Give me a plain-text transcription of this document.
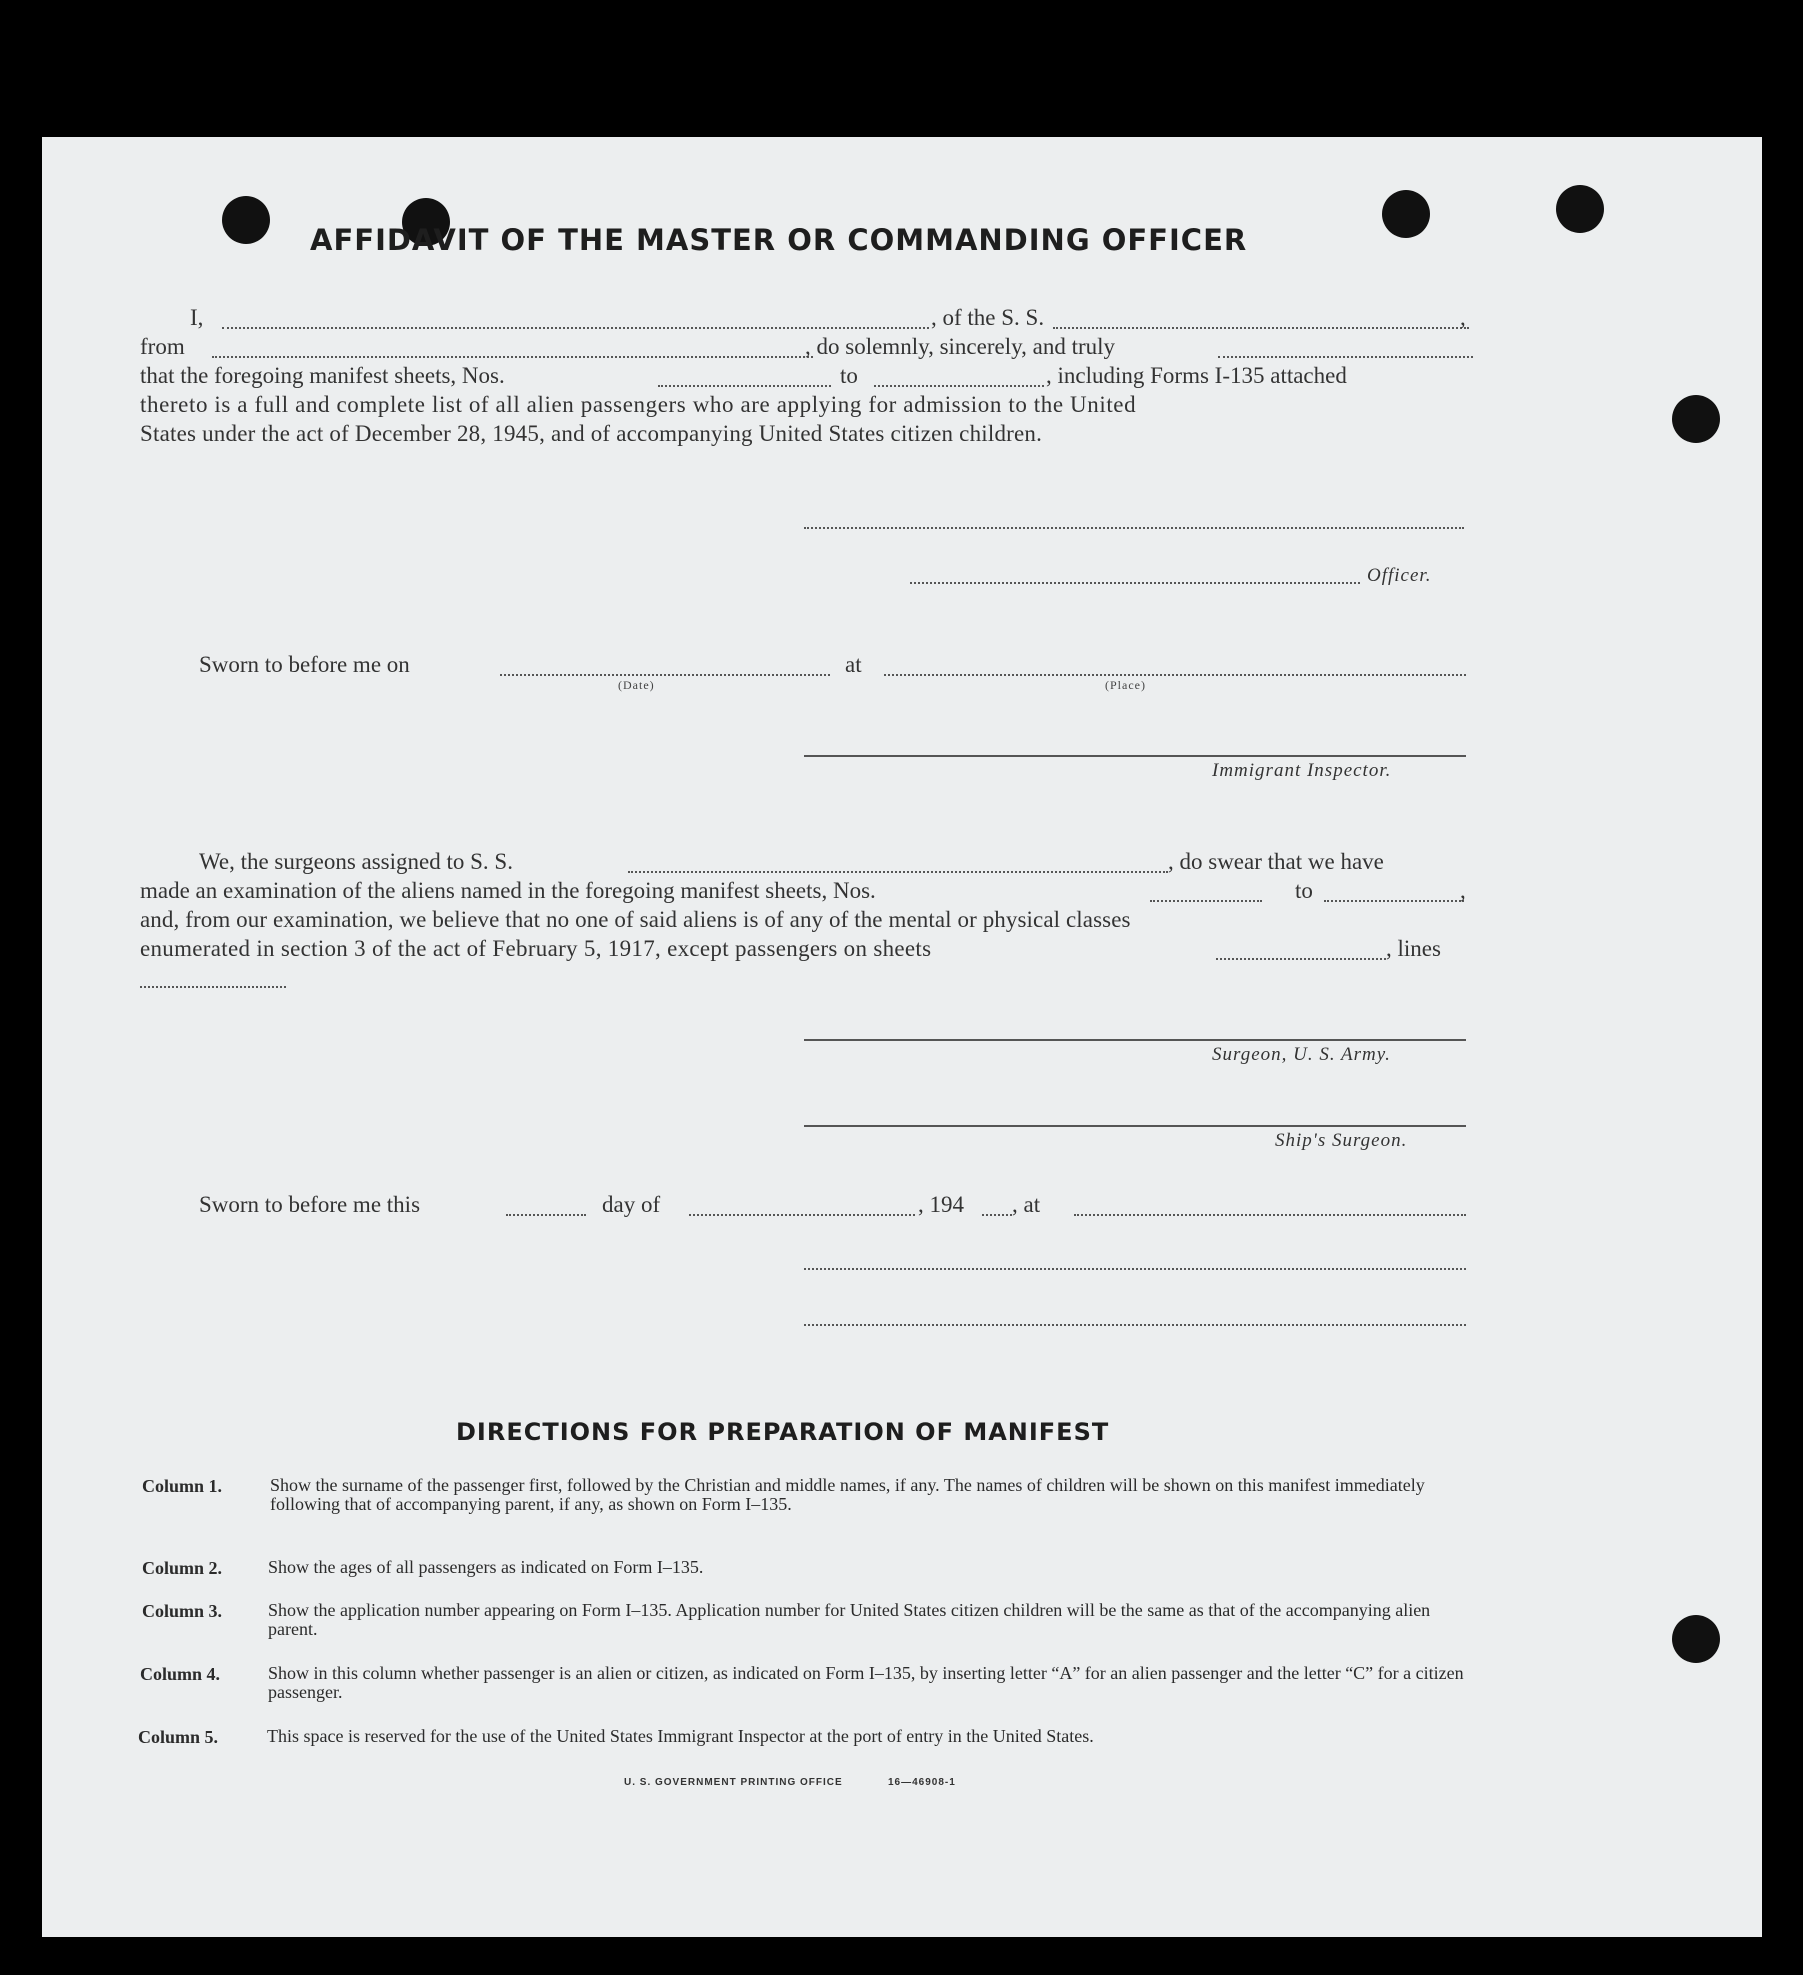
AFFIDAVIT OF THE MASTER OR COMMANDING OFFICER
I,	, of the S. S.	,
from	, do solemnly, sincerely, and truly
that the foregoing manifest sheets, Nos.	to	, including Forms I-135 attached
thereto is a full and complete list of all alien passengers who are applying for admission to the United
States under the act of December 28, 1945, and of accompanying United States citizen children.
Officer.
Sworn to before me on	at
(Date)	(Place)
Immigrant Inspector.
We, the surgeons assigned to S. S.	, do swear that we have
made an examination of the aliens named in the foregoing manifest sheets, Nos.	to	,
and, from our examination, we believe that no one of said aliens is of any of the mental or physical classes
enumerated in section 3 of the act of February 5, 1917, except passengers on sheets	, lines
Surgeon, U. S. Army.
Ship's Surgeon.
Sworn to before me this	day of	, 194 , at
DIRECTIONS FOR PREPARATION OF MANIFEST
Column 1.	Show the surname of the passenger first, followed by the Christian and middle names, if any. The names of children will be shown on this manifest immediately following that of accompanying parent, if any, as shown on Form I–135.
Column 2.	Show the ages of all passengers as indicated on Form I–135.
Column 3.	Show the application number appearing on Form I–135. Application number for United States citizen children will be the same as that of the accompanying alien parent.
Column 4.	Show in this column whether passenger is an alien or citizen, as indicated on Form I–135, by inserting letter “A” for an alien passenger and the letter “C” for a citizen passenger.
Column 5.	This space is reserved for the use of the United States Immigrant Inspector at the port of entry in the United States.
U. S. GOVERNMENT PRINTING OFFICE	16—46908-1
